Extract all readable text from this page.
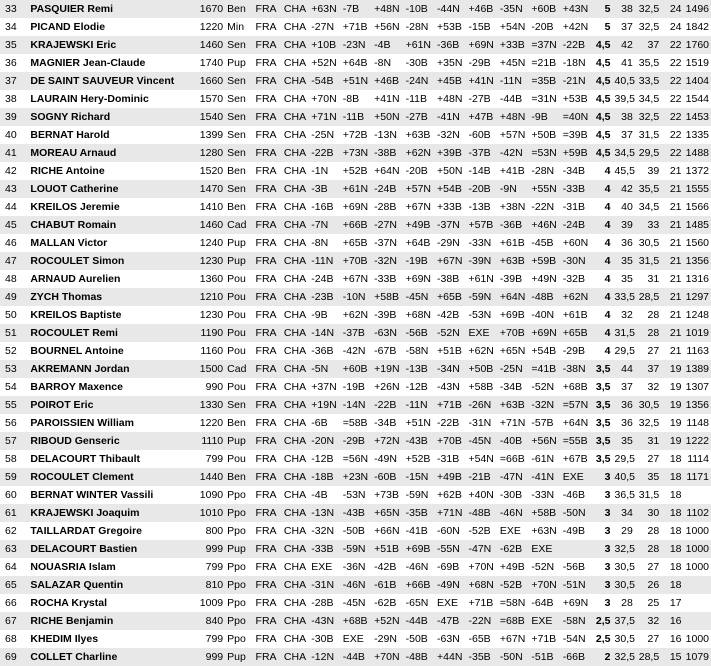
33	PASQUIER Remi	1670	Ben	FRA	CHA	+63N	-7B	+48N	-10B	-44N	+46B	-35N	+60B	+43N	5	38	32,5	24	1496
34	PICAND Elodie	1220	Min	FRA	CHA	-27N	+71B	+56N	-28N	+53B	-15B	+54N	-20B	+42N	5	37	32,5	24	1842
35	KRAJEWSKI Eric	1460	Sen	FRA	CHA	+10B	-23N	-4B	+61N	-36B	+69N	+33B	=37N	-22B	4,5	42	37	22	1760
36	MAGNIER Jean-Claude	1740	Pup	FRA	CHA	+52N	+64B	-8N	-30B	+35N	-29B	+45N	=21B	-18N	4,5	41	35,5	22	1519
37	DE SAINT SAUVEUR Vincent	1660	Sen	FRA	CHA	-54B	+51N	+46B	-24N	+45B	+41N	-11N	=35B	-21N	4,5	40,5	33,5	22	1404
38	LAURAIN Hery-Dominic	1570	Sen	FRA	CHA	+70N	-8B	+41N	-11B	+48N	-27B	-44B	=31N	+53B	4,5	39,5	34,5	22	1544
39	SOGNY Richard	1540	Sen	FRA	CHA	+71N	-11B	+50N	-27B	-41N	+47B	+48N	-9B	=40N	4,5	38	32,5	22	1453
40	BERNAT Harold	1399	Sen	FRA	CHA	-25N	+72B	-13N	+63B	-32N	-60B	+57N	+50B	=39B	4,5	37	31,5	22	1335
41	MOREAU Arnaud	1280	Sen	FRA	CHA	-22B	+73N	-38B	+62N	+39B	-37B	-42N	=53N	+59B	4,5	34,5	29,5	22	1488
42	RICHE Antoine	1520	Ben	FRA	CHA	-1N	+52B	+64N	-20B	+50N	-14B	+41B	-28N	-34B	4	45,5	39	21	1372
43	LOUOT Catherine	1470	Sen	FRA	CHA	-3B	+61N	-24B	+57N	+54B	-20B	-9N	+55N	-33B	4	42	35,5	21	1555
44	KREILOS Jeremie	1410	Ben	FRA	CHA	-16B	+69N	-28B	+67N	+33B	-13B	+38N	-22N	-31B	4	40	34,5	21	1566
45	CHABUT Romain	1460	Cad	FRA	CHA	-7N	+66B	-27N	+49B	-37N	+57B	-36B	+46N	-24B	4	39	33	21	1485
46	MALLAN Victor	1240	Pup	FRA	CHA	-8N	+65B	-37N	+64B	-29N	-33N	+61B	-45B	+60N	4	36	30,5	21	1560
47	ROCOULET Simon	1230	Pup	FRA	CHA	-11N	+70B	-32N	-19B	+67N	-39N	+63B	+59B	-30N	4	35	31,5	21	1356
48	ARNAUD Aurelien	1360	Pou	FRA	CHA	-24B	+67N	-33B	+69N	-38B	+61N	-39B	+49N	-32B	4	35	31	21	1316
49	ZYCH Thomas	1210	Pou	FRA	CHA	-23B	-10N	+58B	-45N	+65B	-59N	+64N	-48B	+62N	4	33,5	28,5	21	1297
50	KREILOS Baptiste	1230	Pou	FRA	CHA	-9B	+62N	-39B	+68N	-42B	-53N	+69B	-40N	+61B	4	32	28	21	1248
51	ROCOULET Remi	1190	Pou	FRA	CHA	-14N	-37B	-63N	-56B	-52N	EXE	+70B	+69N	+65B	4	31,5	28	21	1019
52	BOURNEL Antoine	1160	Pou	FRA	CHA	-36B	-42N	-67B	-58N	+51B	+62N	+65N	+54B	-29B	4	29,5	27	21	1163
53	AKREMANN Jordan	1500	Cad	FRA	CHA	-5N	+60B	+19N	-13B	-34N	+50B	-25N	=41B	-38N	3,5	44	37	19	1389
54	BARROY Maxence	990	Pou	FRA	CHA	+37N	-19B	+26N	-12B	-43N	+58B	-34B	-52N	+68B	3,5	37	32	19	1307
55	POIROT Eric	1330	Sen	FRA	CHA	+19N	-14N	-22B	-11N	+71B	-26N	+63B	-32N	=57N	3,5	36	30,5	19	1356
56	PAROISSIEN William	1220	Ben	FRA	CHA	-6B	=58B	-34B	+51N	-22B	-31N	+71N	-57B	+64N	3,5	36	32,5	19	1148
57	RIBOUD Genseric	1110	Pup	FRA	CHA	-20N	-29B	+72N	-43B	+70B	-45N	-40B	+56N	=55B	3,5	35	31	19	1222
58	DELACOURT Thibault	799	Pou	FRA	CHA	-12B	=56N	-49N	+52B	-31B	+54N	=66B	-61N	+67B	3,5	29,5	27	18	1114
59	ROCOULET Clement	1440	Ben	FRA	CHA	-18B	+23N	-60B	-15N	+49B	-21B	-47N	-41N	EXE	3	40,5	35	18	1171
60	BERNAT WINTER Vassili	1090	Ppo	FRA	CHA	-4B	-53N	+73B	-59N	+62B	+40N	-30B	-33N	-46B	3	36,5	31,5	18	
61	KRAJEWSKI Joaquim	1010	Ppo	FRA	CHA	-13N	-43B	+65N	-35B	+71N	-48B	-46N	+58B	-50N	3	34	30	18	1102
62	TAILLARDAT Gregoire	800	Ppo	FRA	CHA	-32N	-50B	+66N	-41B	-60N	-52B	EXE	+63N	-49B	3	29	28	18	1000
63	DELACOURT Bastien	999	Pup	FRA	CHA	-33B	-59N	+51B	+69B	-55N	-47N	-62B	EXE		3	32,5	28	18	1000
64	NOUASRIA Islam	799	Ppo	FRA	CHA	EXE	-36N	-42B	-46N	-69B	+70N	+49B	-52N	-56B	3	30,5	27	18	1000
65	SALAZAR Quentin	810	Ppo	FRA	CHA	-31N	-46N	-61B	+66B	-49N	+68N	-52B	+70N	-51N	3	30,5	26	18	
66	ROCHA Krystal	1009	Ppo	FRA	CHA	-28B	-45N	-62B	-65N	EXE	+71B	=58N	-64B	+69N	3	28	25	17	
67	RICHE Benjamin	840	Ppo	FRA	CHA	-43N	+68B	+52N	-44B	-47B	-22N	=68B	EXE	-58N	2,5	37,5	32	16	
68	KHEDIM Ilyes	799	Ppo	FRA	CHA	-30B	EXE	-29N	-50B	-63N	-65B	+67N	+71B	-54N	2,5	30,5	27	16	1000
69	COLLET Charline	999	Pup	FRA	CHA	-12N	-44B	+70N	-48B	+44N	-35B	-50N	-51B	-66B	2	32,5	28,5	15	1079
